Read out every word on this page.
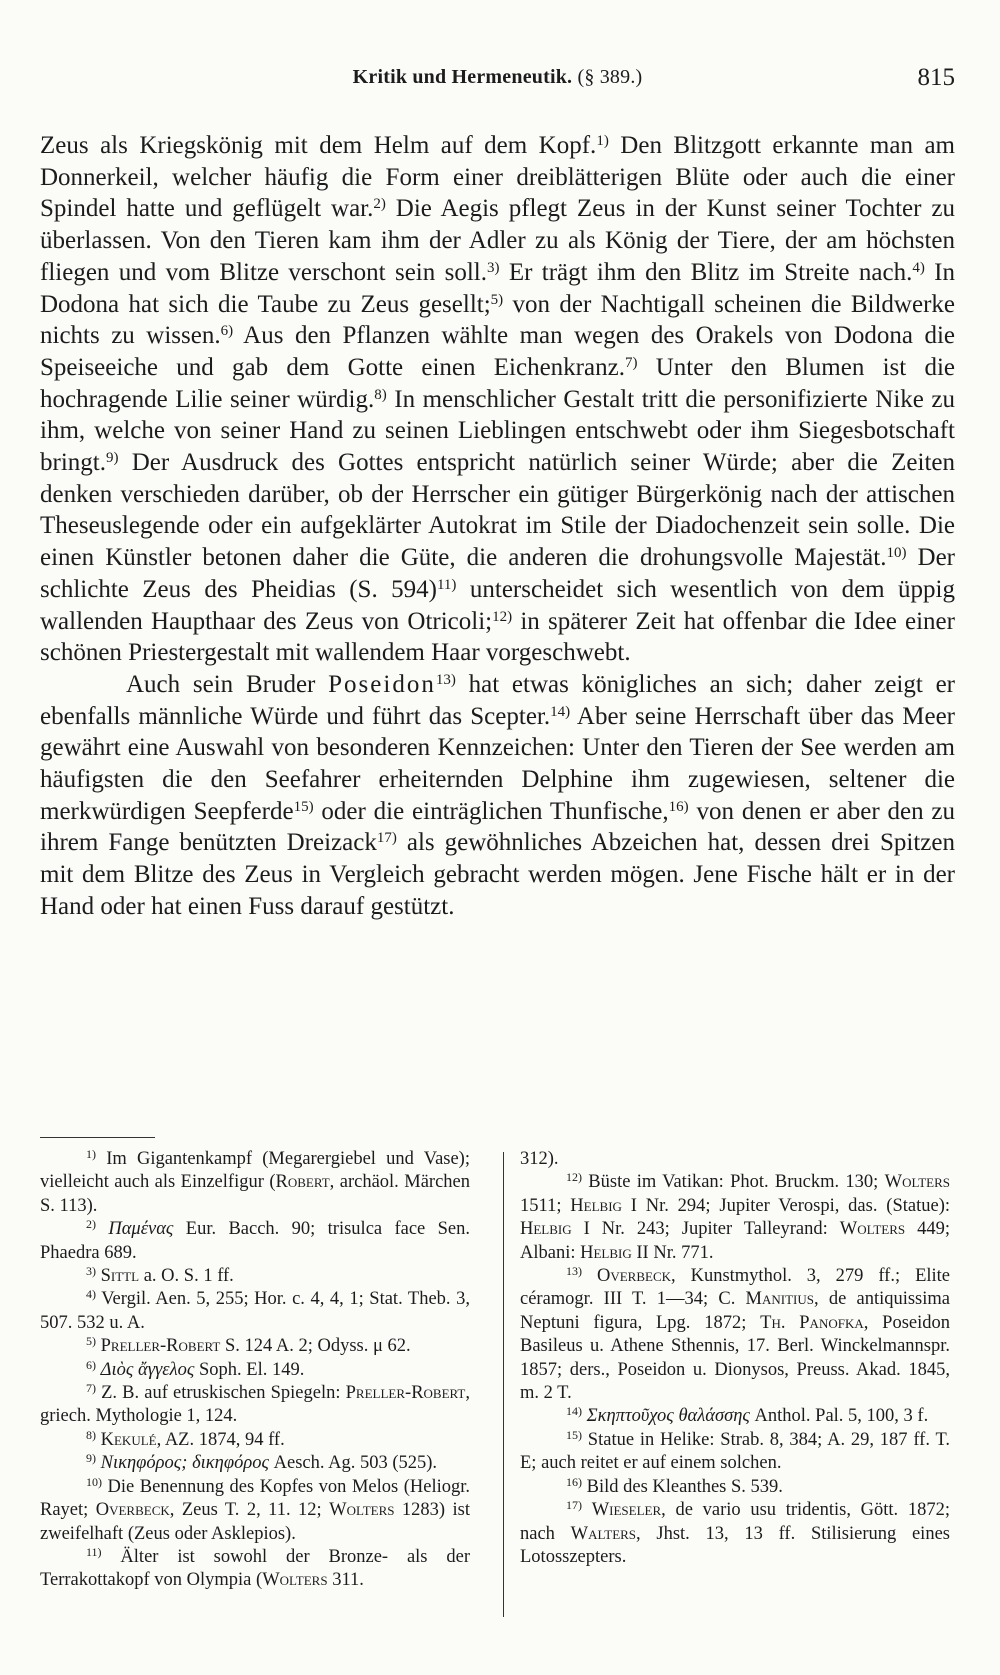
Kritik und Hermeneutik. (§ 389.)	815

Zeus als Kriegskönig mit dem Helm auf dem Kopf.$^{1)}$ Den Blitzgott erkannte man am Donnerkeil, welcher häufig die Form einer dreiblätterigen Blüte oder auch die einer Spindel hatte und geflügelt war.$^{2)}$ Die Aegis pflegt Zeus in der Kunst seiner Tochter zu überlassen. Von den Tieren kam ihm der Adler zu als König der Tiere, der am höchsten fliegen und vom Blitze verschont sein soll.$^{3)}$ Er trägt ihm den Blitz im Streite nach.$^{4)}$ In Dodona hat sich die Taube zu Zeus gesellt;$^{5)}$ von der Nachtigall scheinen die Bildwerke nichts zu wissen.$^{6)}$ Aus den Pflanzen wählte man wegen des Orakels von Dodona die Speiseeiche und gab dem Gotte einen Eichenkranz.$^{7)}$ Unter den Blumen ist die hochragende Lilie seiner würdig.$^{8)}$ In menschlicher Gestalt tritt die personifizierte Nike zu ihm, welche von seiner Hand zu seinen Lieblingen entschwebt oder ihm Siegesbotschaft bringt.$^{9)}$ Der Ausdruck des Gottes entspricht natürlich seiner Würde; aber die Zeiten denken verschieden darüber, ob der Herrscher ein gütiger Bürgerkönig nach der attischen Theseuslegende oder ein aufgeklärter Autokrat im Stile der Diadochenzeit sein solle. Die einen Künstler betonen daher die Güte, die anderen die drohungsvolle Majestät.$^{10)}$ Der schlichte Zeus des Pheidias (S. 594)$^{11)}$ unterscheidet sich wesentlich von dem üppig wallenden Haupthaar des Zeus von Otricoli;$^{12)}$ in späterer Zeit hat offenbar die Idee einer schönen Priestergestalt mit wallendem Haar vorgeschwebt.

Auch sein Bruder Poseidon$^{13)}$ hat etwas königliches an sich; daher zeigt er ebenfalls männliche Würde und führt das Scepter.$^{14)}$ Aber seine Herrschaft über das Meer gewährt eine Auswahl von besonderen Kennzeichen: Unter den Tieren der See werden am häufigsten die den Seefahrer erheiternden Delphine ihm zugewiesen, seltener die merkwürdigen Seepferde$^{15)}$ oder die einträglichen Thunfische,$^{16)}$ von denen er aber den zu ihrem Fange benützten Dreizack$^{17)}$ als gewöhnliches Abzeichen hat, dessen drei Spitzen mit dem Blitze des Zeus in Vergleich gebracht werden mögen. Jene Fische hält er in der Hand oder hat einen Fuss darauf gestützt.

$^{1)}$ Im Gigantenkampf (Megarergiebel und Vase); vielleicht auch als Einzelfigur (Robert, archäol. Märchen S. 113).
$^{2)}$ Παμένας Eur. Bacch. 90; trisulca face Sen. Phaedra 689.
$^{3)}$ Sittl a. O. S. 1 ff.
$^{4)}$ Vergil. Aen. 5, 255; Hor. c. 4, 4, 1; Stat. Theb. 3, 507. 532 u. A.
$^{5)}$ Preller-Robert S. 124 A. 2; Odyss. μ 62.
$^{6)}$ Διὸς ἄγγελος Soph. El. 149.
$^{7)}$ Z. B. auf etruskischen Spiegeln: Preller-Robert, griech. Mythologie 1, 124.
$^{8)}$ Kekulé, AZ. 1874, 94 ff.
$^{9)}$ Νικηφόρος; δικηφόρος Aesch. Ag. 503 (525).
$^{10)}$ Die Benennung des Kopfes von Melos (Heliogr. Rayet; Overbeck, Zeus T. 2, 11. 12; Wolters 1283) ist zweifelhaft (Zeus oder Asklepios).
$^{11)}$ Älter ist sowohl der Bronze- als der Terrakottakopf von Olympia (Wolters 311.
312).
$^{12)}$ Büste im Vatikan: Phot. Bruckm. 130; Wolters 1511; Helbig I Nr. 294; Jupiter Verospi, das. (Statue): Helbig I Nr. 243; Jupiter Talleyrand: Wolters 449; Albani: Helbig II Nr. 771.
$^{13)}$ Overbeck, Kunstmythol. 3, 279 ff.; Elite céramogr. III T. 1—34; C. Manitius, de antiquissima Neptuni figura, Lpg. 1872; Th. Panofka, Poseidon Basileus u. Athene Sthennis, 17. Berl. Winckelmannspr. 1857; ders., Poseidon u. Dionysos, Preuss. Akad. 1845, m. 2 T.
$^{14)}$ Σκηπτοῦχος θαλάσσης Anthol. Pal. 5, 100, 3 f.
$^{15)}$ Statue in Helike: Strab. 8, 384; A. 29, 187 ff. T. E; auch reitet er auf einem solchen.
$^{16)}$ Bild des Kleanthes S. 539.
$^{17)}$ Wieseler, de vario usu tridentis, Gött. 1872; nach Walters, Jhst. 13, 13 ff. Stilisierung eines Lotosszepters.
